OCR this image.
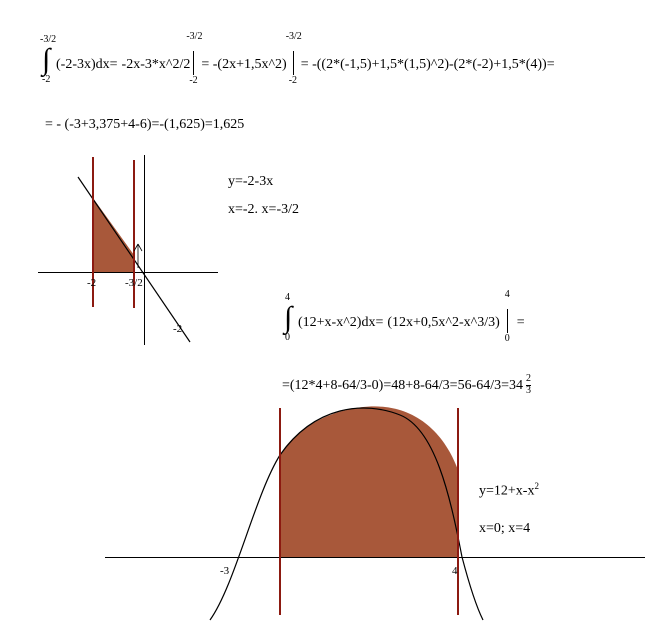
-3/2
∫
-2
(-2-3x)dx= -2x-3*x^2/2
-3/2
-2
= -(2x+1,5x^2)
-3/2
-2
= -((2*(-1,5)+1,5*(1,5)^2)-(2*(-2)+1,5*(4))=
= - (-3+3,375+4-6)=-(1,625)=1,625
-2	-3/2
-2
y=-2-3x
x=-2. x=-3/2
4
∫
0
(12+x-x^2)dx= (12x+0,5x^2-x^3/3)
4
0
=
$=(12*4+8-64/3-0)=48+8-64/3=56-64/3=34 \frac{2}{3}$
-3	4
$y=12+x-x^2$
x=0; x=4
